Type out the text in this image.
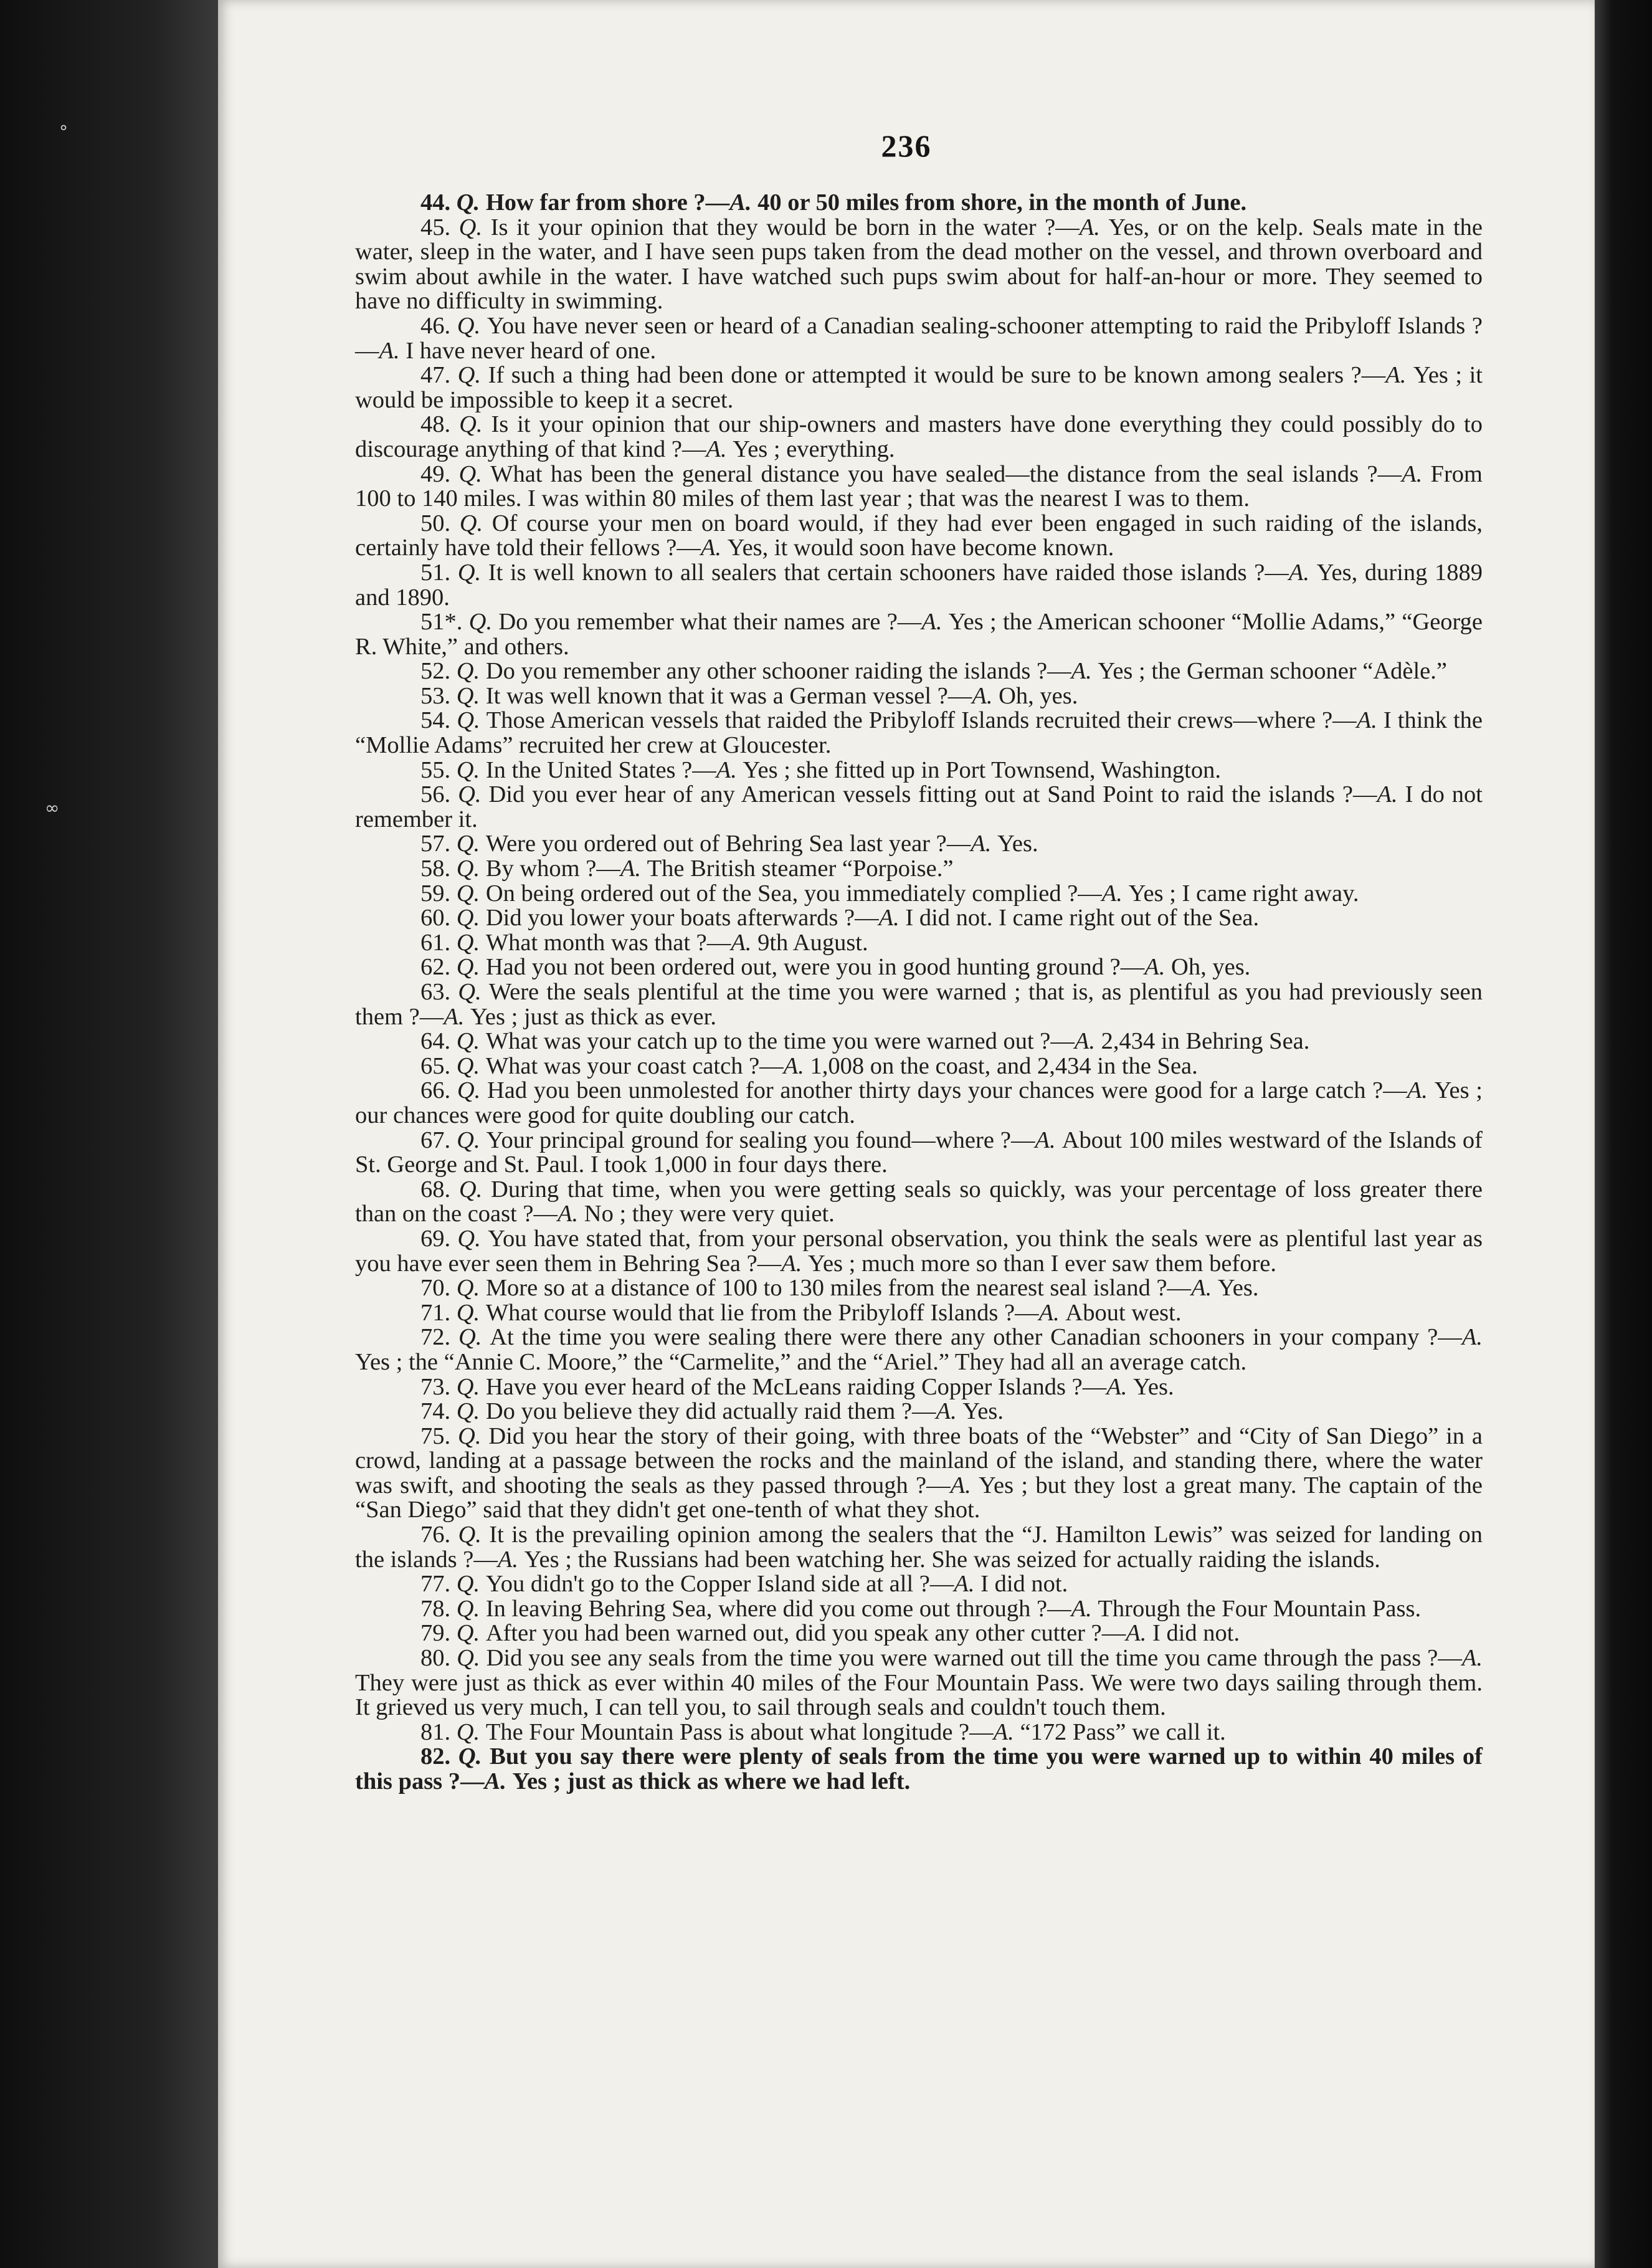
°
∞
236

44. Q. How far from shore ?—A. 40 or 50 miles from shore, in the month of June.

45. Q. Is it your opinion that they would be born in the water ?—A. Yes, or on the kelp. Seals mate in the water, sleep in the water, and I have seen pups taken from the dead mother on the vessel, and thrown overboard and swim about awhile in the water. I have watched such pups swim about for half-an-hour or more. They seemed to have no difficulty in swimming.

46. Q. You have never seen or heard of a Canadian sealing-schooner attempting to raid the Pribyloff Islands ?—A. I have never heard of one.

47. Q. If such a thing had been done or attempted it would be sure to be known among sealers ?—A. Yes ; it would be impossible to keep it a secret.

48. Q. Is it your opinion that our ship-owners and masters have done everything they could possibly do to discourage anything of that kind ?—A. Yes ; everything.

49. Q. What has been the general distance you have sealed—the distance from the seal islands ?—A. From 100 to 140 miles. I was within 80 miles of them last year ; that was the nearest I was to them.

50. Q. Of course your men on board would, if they had ever been engaged in such raiding of the islands, certainly have told their fellows ?—A. Yes, it would soon have become known.

51. Q. It is well known to all sealers that certain schooners have raided those islands ?—A. Yes, during 1889 and 1890.

51*. Q. Do you remember what their names are ?—A. Yes ; the American schooner “Mollie Adams,” “George R. White,” and others.

52. Q. Do you remember any other schooner raiding the islands ?—A. Yes ; the German schooner “Adèle.”

53. Q. It was well known that it was a German vessel ?—A. Oh, yes.

54. Q. Those American vessels that raided the Pribyloff Islands recruited their crews—where ?—A. I think the “Mollie Adams” recruited her crew at Gloucester.

55. Q. In the United States ?—A. Yes ; she fitted up in Port Townsend, Washington.

56. Q. Did you ever hear of any American vessels fitting out at Sand Point to raid the islands ?—A. I do not remember it.

57. Q. Were you ordered out of Behring Sea last year ?—A. Yes.

58. Q. By whom ?—A. The British steamer “Porpoise.”

59. Q. On being ordered out of the Sea, you immediately complied ?—A. Yes ; I came right away.

60. Q. Did you lower your boats afterwards ?—A. I did not. I came right out of the Sea.

61. Q. What month was that ?—A. 9th August.

62. Q. Had you not been ordered out, were you in good hunting ground ?—A. Oh, yes.

63. Q. Were the seals plentiful at the time you were warned ; that is, as plentiful as you had previously seen them ?—A. Yes ; just as thick as ever.

64. Q. What was your catch up to the time you were warned out ?—A. 2,434 in Behring Sea.

65. Q. What was your coast catch ?—A. 1,008 on the coast, and 2,434 in the Sea.

66. Q. Had you been unmolested for another thirty days your chances were good for a large catch ?—A. Yes ; our chances were good for quite doubling our catch.

67. Q. Your principal ground for sealing you found—where ?—A. About 100 miles westward of the Islands of St. George and St. Paul. I took 1,000 in four days there.

68. Q. During that time, when you were getting seals so quickly, was your percentage of loss greater there than on the coast ?—A. No ; they were very quiet.

69. Q. You have stated that, from your personal observation, you think the seals were as plentiful last year as you have ever seen them in Behring Sea ?—A. Yes ; much more so than I ever saw them before.

70. Q. More so at a distance of 100 to 130 miles from the nearest seal island ?—A. Yes.

71. Q. What course would that lie from the Pribyloff Islands ?—A. About west.

72. Q. At the time you were sealing there were there any other Canadian schooners in your company ?—A. Yes ; the “Annie C. Moore,” the “Carmelite,” and the “Ariel.” They had all an average catch.

73. Q. Have you ever heard of the McLeans raiding Copper Islands ?—A. Yes.

74. Q. Do you believe they did actually raid them ?—A. Yes.

75. Q. Did you hear the story of their going, with three boats of the “Webster” and “City of San Diego” in a crowd, landing at a passage between the rocks and the mainland of the island, and standing there, where the water was swift, and shooting the seals as they passed through ?—A. Yes ; but they lost a great many. The captain of the “San Diego” said that they didn't get one-tenth of what they shot.

76. Q. It is the prevailing opinion among the sealers that the “J. Hamilton Lewis” was seized for landing on the islands ?—A. Yes ; the Russians had been watching her. She was seized for actually raiding the islands.

77. Q. You didn't go to the Copper Island side at all ?—A. I did not.

78. Q. In leaving Behring Sea, where did you come out through ?—A. Through the Four Mountain Pass.

79. Q. After you had been warned out, did you speak any other cutter ?—A. I did not.

80. Q. Did you see any seals from the time you were warned out till the time you came through the pass ?—A. They were just as thick as ever within 40 miles of the Four Mountain Pass. We were two days sailing through them. It grieved us very much, I can tell you, to sail through seals and couldn't touch them.

81. Q. The Four Mountain Pass is about what longitude ?—A. “172 Pass” we call it.

82. Q. But you say there were plenty of seals from the time you were warned up to within 40 miles of this pass ?—A. Yes ; just as thick as where we had left.
